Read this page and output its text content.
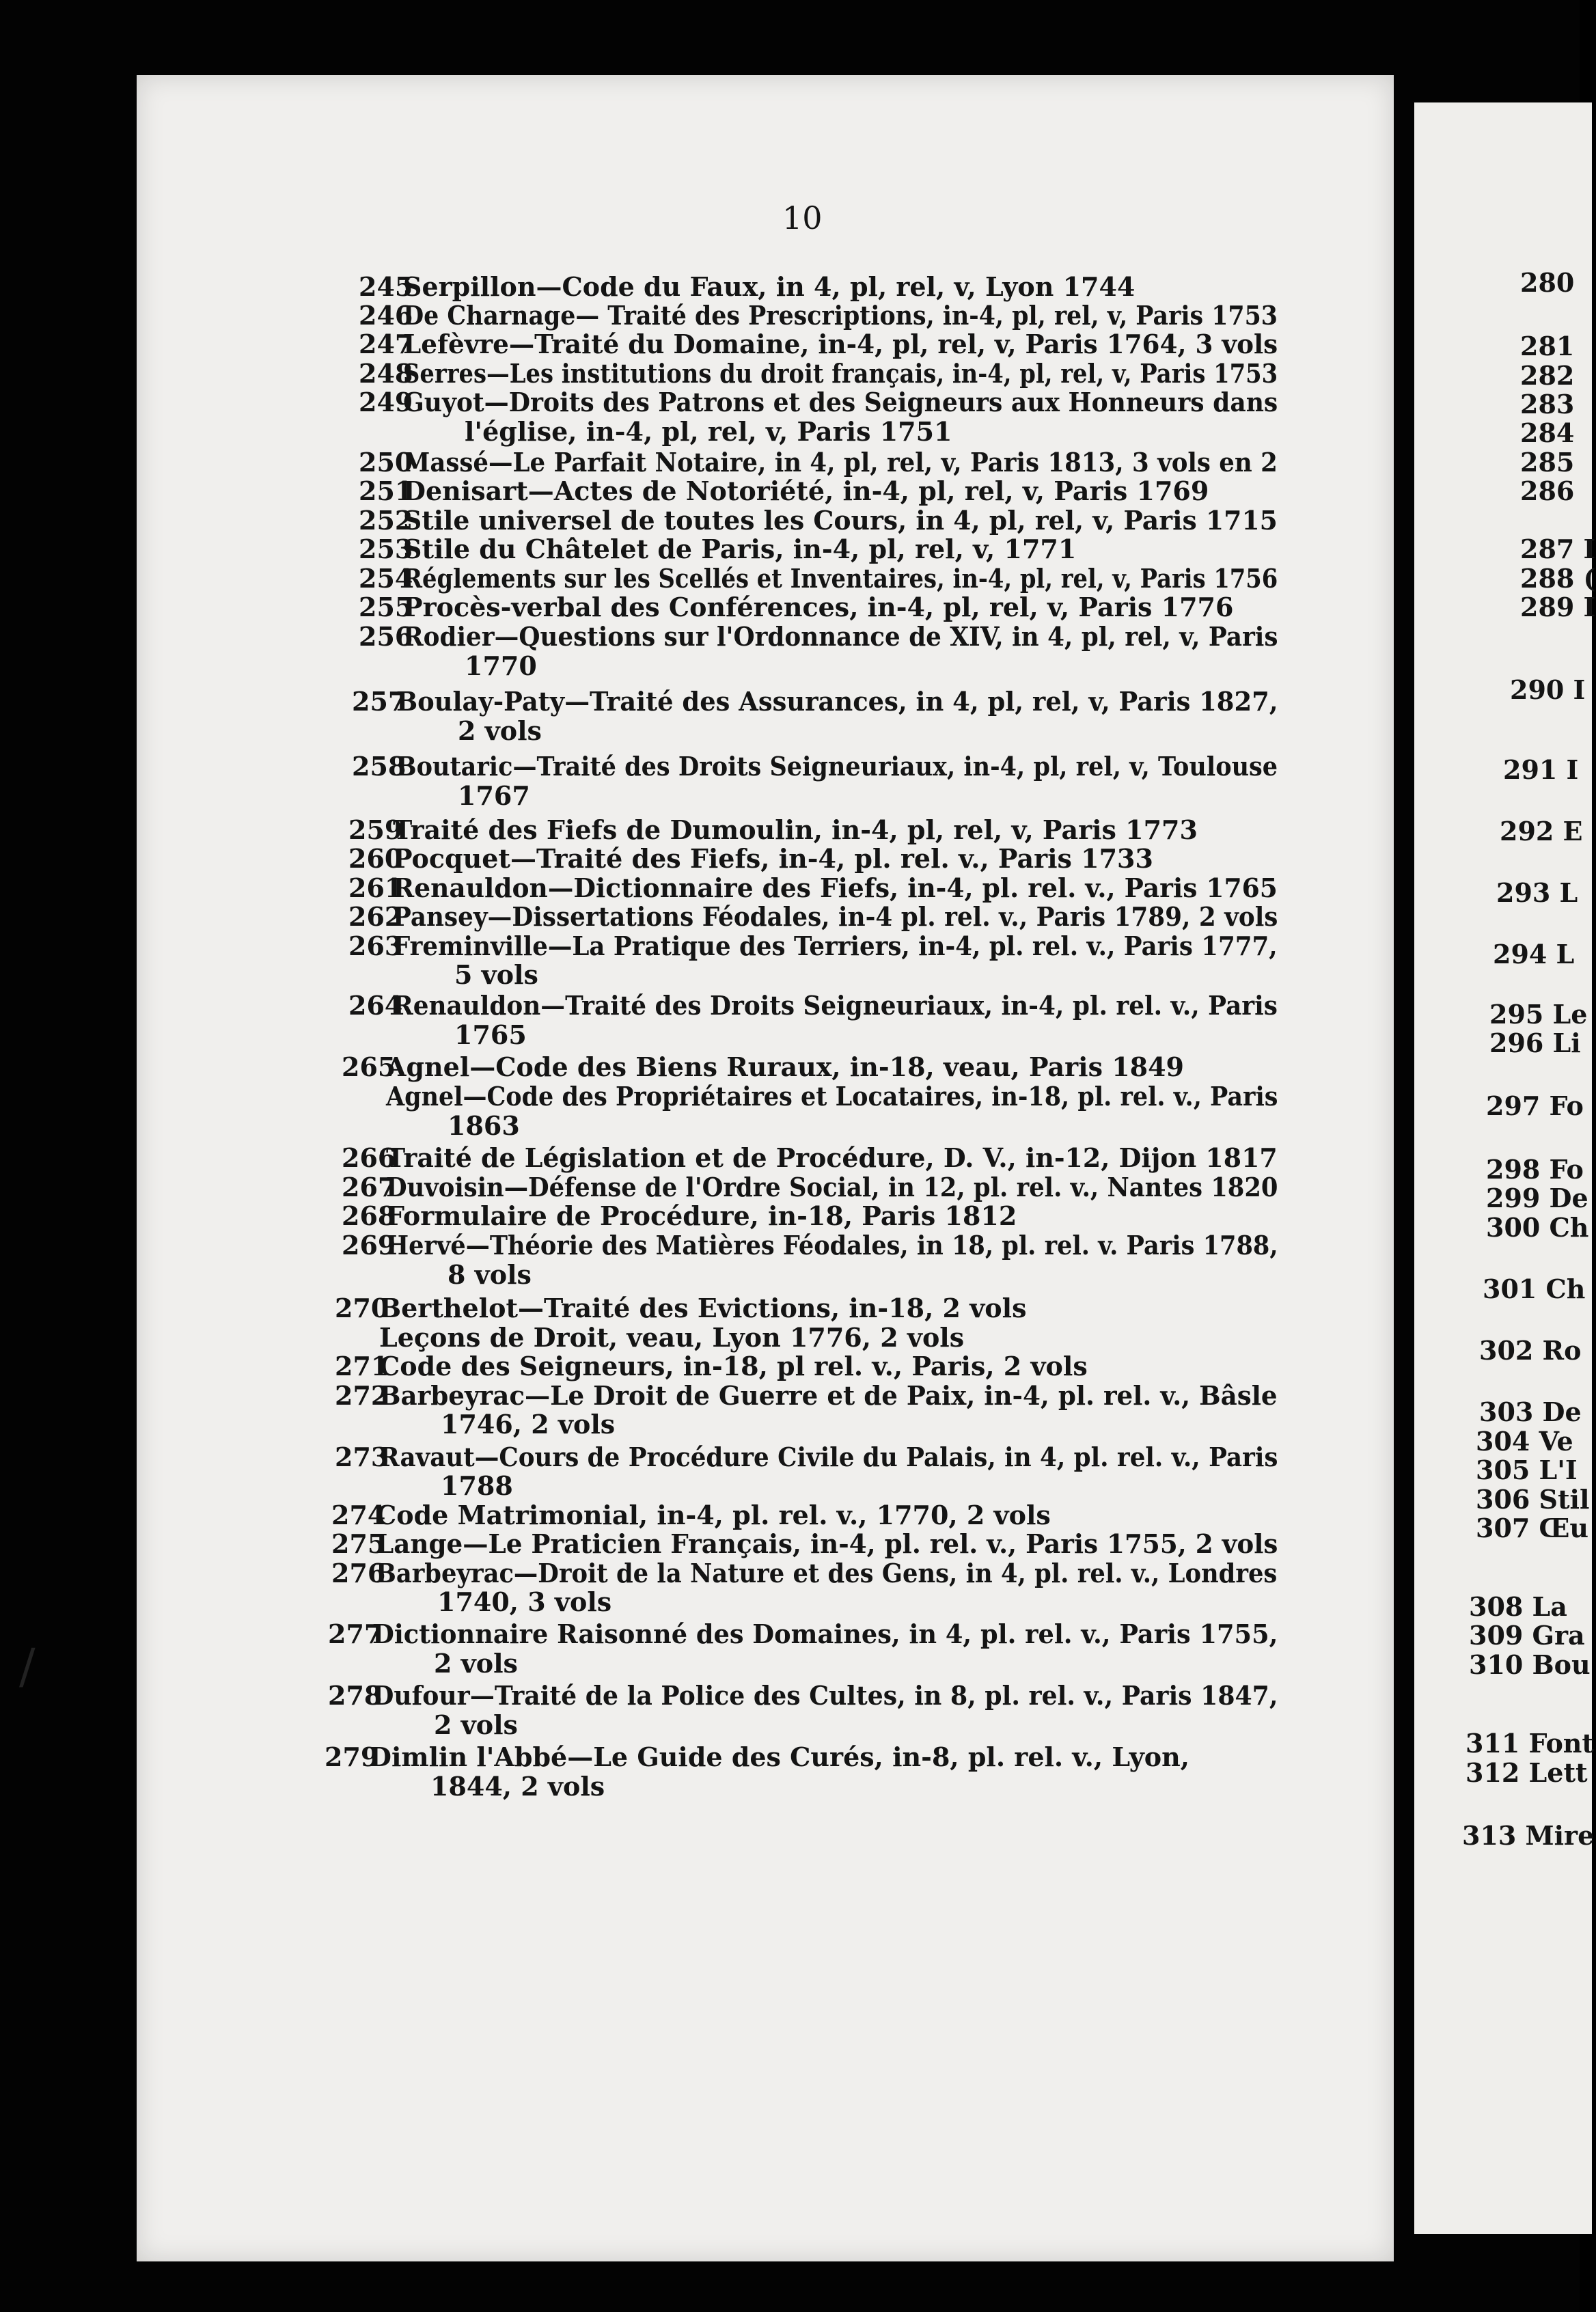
10
245
Serpillon—Code du Faux, in 4, pl, rel, v, Lyon 1744
246
De Charnage— Traité des Prescriptions, in-4, pl, rel, v, Paris 1753
247
Lefèvre—Traité du Domaine, in-4, pl, rel, v, Paris 1764, 3 vols
248
Serres—Les institutions du droit français, in-4, pl, rel, v, Paris 1753
249
Guyot—Droits des Patrons et des Seigneurs aux Honneurs dans
l'église, in-4, pl, rel, v, Paris 1751
250
Massé—Le Parfait Notaire, in 4, pl, rel, v, Paris 1813, 3 vols en 2
251
Denisart—Actes de Notoriété, in-4, pl, rel, v, Paris 1769
252
Stile universel de toutes les Cours, in 4, pl, rel, v, Paris 1715
253
Stile du Châtelet de Paris, in-4, pl, rel, v, 1771
254
Réglements sur les Scellés et Inventaires, in-4, pl, rel, v, Paris 1756
255
Procès-verbal des Conférences, in-4, pl, rel, v, Paris 1776
256
Rodier—Questions sur l'Ordonnance de XIV, in 4, pl, rel, v, Paris
1770
257
Boulay-Paty—Traité des Assurances, in 4, pl, rel, v, Paris 1827,
2 vols
258
Boutaric—Traité des Droits Seigneuriaux, in-4, pl, rel, v, Toulouse
1767
259
Traité des Fiefs de Dumoulin, in-4, pl, rel, v, Paris 1773
260
Pocquet—Traité des Fiefs, in-4, pl. rel. v., Paris 1733
261
Renauldon—Dictionnaire des Fiefs, in-4, pl. rel. v., Paris 1765
262
Pansey—Dissertations Féodales, in-4 pl. rel. v., Paris 1789, 2 vols
263
Freminville—La Pratique des Terriers, in-4, pl. rel. v., Paris 1777,
5 vols
264
Renauldon—Traité des Droits Seigneuriaux, in-4, pl. rel. v., Paris
1765
265
Agnel—Code des Biens Ruraux, in-18, veau, Paris 1849
Agnel—Code des Propriétaires et Locataires, in-18, pl. rel. v., Paris
1863
266
Traité de Législation et de Procédure, D. V., in-12, Dijon 1817
267
Duvoisin—Défense de l'Ordre Social, in 12, pl. rel. v., Nantes 1820
268
Formulaire de Procédure, in-18, Paris 1812
269
Hervé—Théorie des Matières Féodales, in 18, pl. rel. v. Paris 1788,
8 vols
270
Berthelot—Traité des Evictions, in-18, 2 vols
Leçons de Droit, veau, Lyon 1776, 2 vols
271
Code des Seigneurs, in-18, pl rel. v., Paris, 2 vols
272
Barbeyrac—Le Droit de Guerre et de Paix, in-4, pl. rel. v., Bâsle
1746, 2 vols
273
Ravaut—Cours de Procédure Civile du Palais, in 4, pl. rel. v., Paris
1788
274
Code Matrimonial, in-4, pl. rel. v., 1770, 2 vols
275
Lange—Le Praticien Français, in-4, pl. rel. v., Paris 1755, 2 vols
276
Barbeyrac—Droit de la Nature et des Gens, in 4, pl. rel. v., Londres
1740, 3 vols
277
Dictionnaire Raisonné des Domaines, in 4, pl. rel. v., Paris 1755,
2 vols
278
Dufour—Traité de la Police des Cultes, in 8, pl. rel. v., Paris 1847,
2 vols
279
Dimlin l'Abbé—Le Guide des Curés, in-8, pl. rel. v., Lyon,
1844, 2 vols
280
281
282
283
284
285
286
287 I
288 (
289 I
290 I
291 I
292 E
293 L
294 L
295 Le
296 Li
297 Fo
298 Fo
299 De
300 Ch
301 Ch
302 Ro
303 De
304 Ve
305 L'I
306 Stil
307 Œu
308 La
309 Gra
310 Bou
311 Font
312 Lett
313 Mire
/
